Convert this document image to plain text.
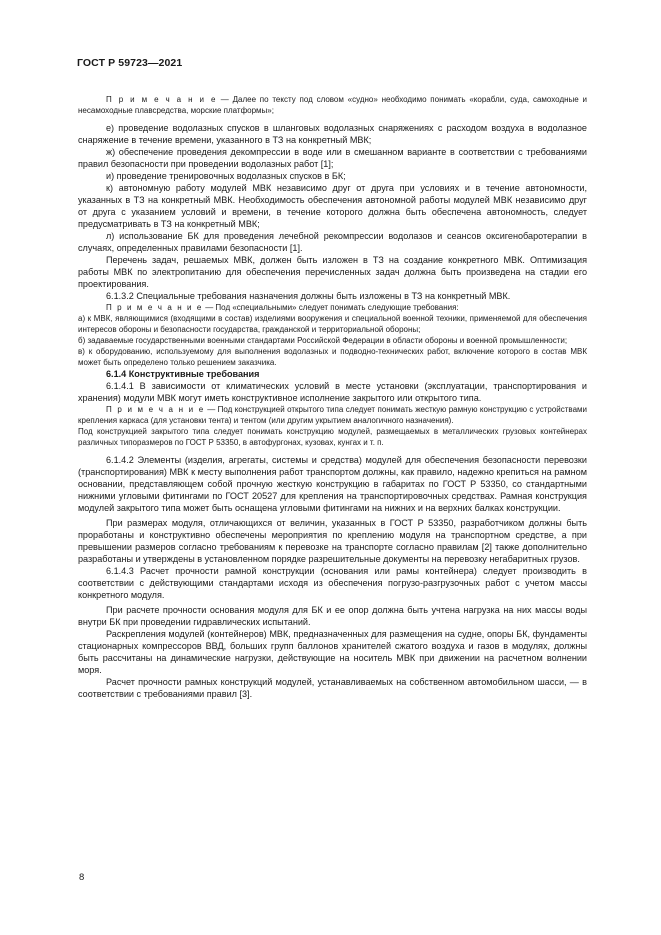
ГОСТ Р 59723—2021

П р и м е ч а н и е — Далее по тексту под словом «судно» необходимо понимать «корабли, суда, самоходные и несамоходные плавсредства, морские платформы»;

е) проведение водолазных спусков в шланговых водолазных снаряжениях с расходом воздуха в водолазное снаряжение в течение времени, указанного в ТЗ на конкретный МВК;

ж) обеспечение проведения декомпрессии в воде или в смешанном варианте в соответствии с требованиями правил безопасности при проведении водолазных работ [1];

и) проведение тренировочных водолазных спусков в БК;

к) автономную работу модулей МВК независимо друг от друга при условиях и в течение автономности, указанных в ТЗ на конкретный МВК. Необходимость обеспечения автономной работы модулей МВК независимо друг от друга с указанием условий и времени, в течение которого должна быть обеспечена автономность, следует предусматривать в ТЗ на конкретный МВК;

л) использование БК для проведения лечебной рекомпрессии водолазов и сеансов оксигенобаротерапии в случаях, определенных правилами безопасности [1].

Перечень задач, решаемых МВК, должен быть изложен в ТЗ на создание конкретного МВК. Оптимизация работы МВК по электропитанию для обеспечения перечисленных задач должна быть произведена на стадии его проектирования.

6.1.3.2 Специальные требования назначения должны быть изложены в ТЗ на конкретный МВК.

П р и м е ч а н и е — Под «специальными» следует понимать следующие требования:

а) к МВК, являющимися (входящими в состав) изделиями вооружения и специальной военной техники, применяемой для обеспечения интересов обороны и безопасности государства, гражданской и территориальной обороны;

б) задаваемые государственными военными стандартами Российской Федерации в области обороны и военной промышленности;

в) к оборудованию, используемому для выполнения водолазных и подводно-технических работ, включение которого в состав МВК может быть определено только решением заказчика.

6.1.4 Конструктивные требования

6.1.4.1 В зависимости от климатических условий в месте установки (эксплуатации, транспортирования и хранения) модули МВК могут иметь конструктивное исполнение закрытого или открытого типа.

П р и м е ч а н и е — Под конструкцией открытого типа следует понимать жесткую рамную конструкцию с устройствами крепления каркаса (для установки тента) и тентом (или другим укрытием аналогичного назначения).

Под конструкцией закрытого типа следует понимать конструкцию модулей, размещаемых в металлических грузовых контейнерах различных типоразмеров по ГОСТ Р 53350, в автофургонах, кузовах, кунгах и т. п.

6.1.4.2 Элементы (изделия, агрегаты, системы и средства) модулей для обеспечения безопасности перевозки (транспортирования) МВК к месту выполнения работ транспортом должны, как правило, надежно крепиться на рамном основании, представляющем собой прочную жесткую конструкцию в габаритах по ГОСТ Р 53350, со стандартными нижними угловыми фитингами по ГОСТ 20527 для крепления на транспортировочных средствах. Рамная конструкция модулей закрытого типа может быть оснащена угловыми фитингами на нижних и на верхних балках конструкции.

При размерах модуля, отличающихся от величин, указанных в ГОСТ Р 53350, разработчиком должны быть проработаны и конструктивно обеспечены мероприятия по креплению модуля на транспортном средстве, а при превышении размеров согласно требованиям к перевозке на транспорте согласно правилам [2] также дополнительно разработаны и утверждены в установленном порядке разрешительные документы на перевозку негабаритных грузов.

6.1.4.3 Расчет прочности рамной конструкции (основания или рамы контейнера) следует производить в соответствии с действующими стандартами исходя из обеспечения погрузо-разгрузочных работ с учетом массы конкретного модуля.

При расчете прочности основания модуля для БК и ее опор должна быть учтена нагрузка на них массы воды внутри БК при проведении гидравлических испытаний.

Раскрепления модулей (контейнеров) МВК, предназначенных для размещения на судне, опоры БК, фундаменты стационарных компрессоров ВВД, больших групп баллонов хранителей сжатого воздуха и газов в модулях, должны быть рассчитаны на динамические нагрузки, действующие на носитель МВК при движении на расчетном волнении моря.

Расчет прочности рамных конструкций модулей, устанавливаемых на собственном автомобильном шасси, — в соответствии с требованиями правил [3].

8
